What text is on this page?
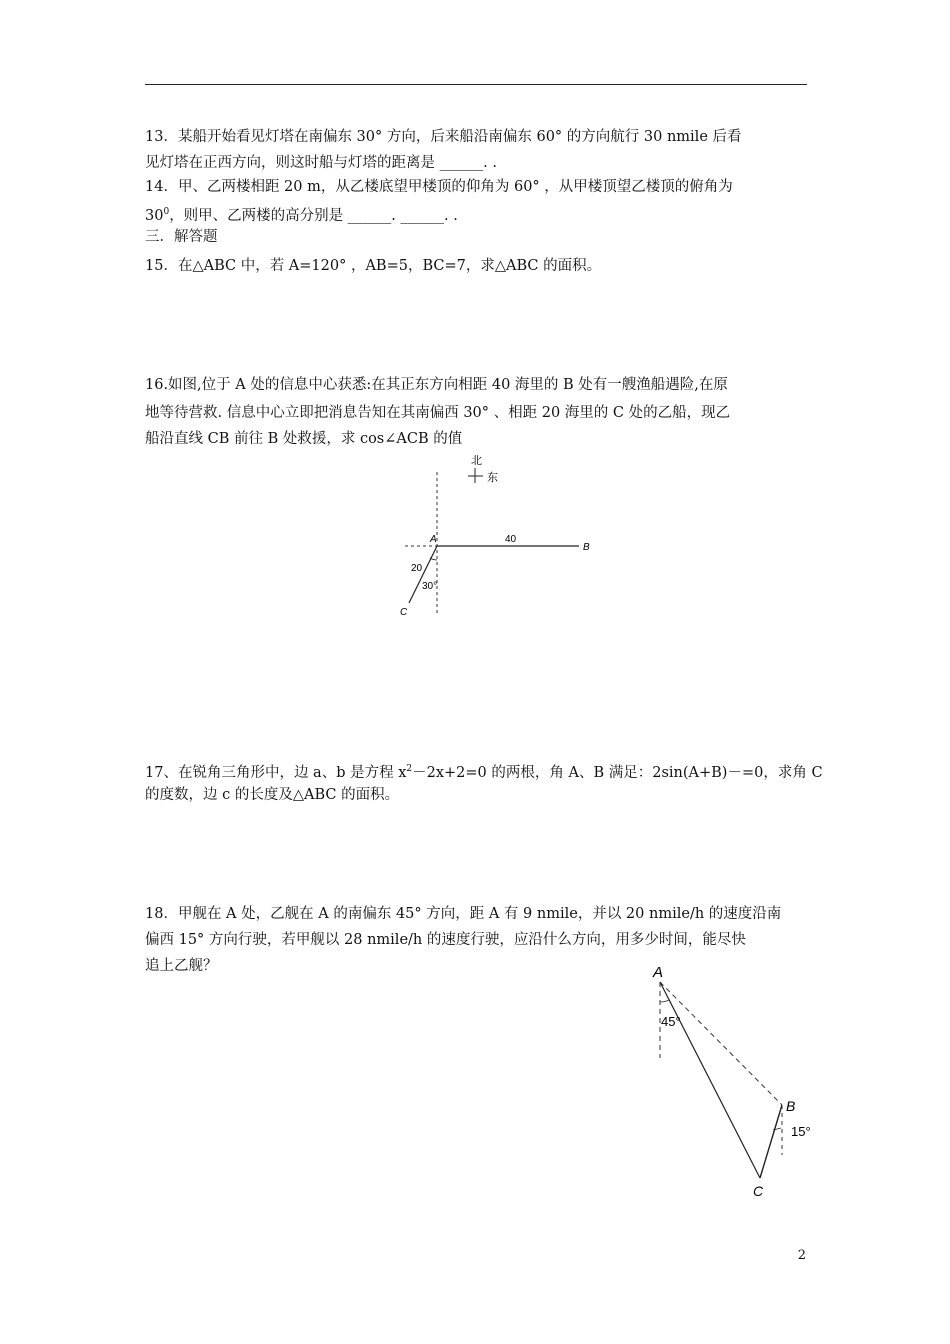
13．某船开始看见灯塔在南偏东 30° 方向，后来船沿南偏东 60° 的方向航行 30 nmile 后看
见灯塔在正西方向，则这时船与灯塔的距离是 ______. .
14．甲、乙两楼相距 20 m，从乙楼底望甲楼顶的仰角为 60° ，从甲楼顶望乙楼顶的俯角为
$30^0$，则甲、乙两楼的高分别是 ______. ______. .
三．解答题
15．在△ABC 中，若 A=120° ，AB=5，BC=7，求△ABC 的面积。
16.如图,位于 A 处的信息中心获悉:在其正东方向相距 40 海里的 B 处有一艘渔船遇险,在原
地等待营救. 信息中心立即把消息告知在其南偏西 30° 、相距 20 海里的 C 处的乙船，现乙
船沿直线 CB 前往 B 处救援，求 cos∠ACB 的值
北
东
A
B
C
40
20
30°
17、在锐角三角形中，边 a、b 是方程 $x^2-2x+2=0$ 的两根，角 A、B 满足：2sin(A+B)－=0，求角 C
的度数，边 c 的长度及△ABC 的面积。
18．甲舰在 A 处，乙舰在 A 的南偏东 45° 方向，距 A 有 9 nmile，并以 20 nmile/h 的速度沿南
偏西 15° 方向行驶，若甲舰以 28 nmile/h 的速度行驶，应沿什么方向，用多少时间，能尽快
追上乙舰？	A
B
C
45°
15°
2
